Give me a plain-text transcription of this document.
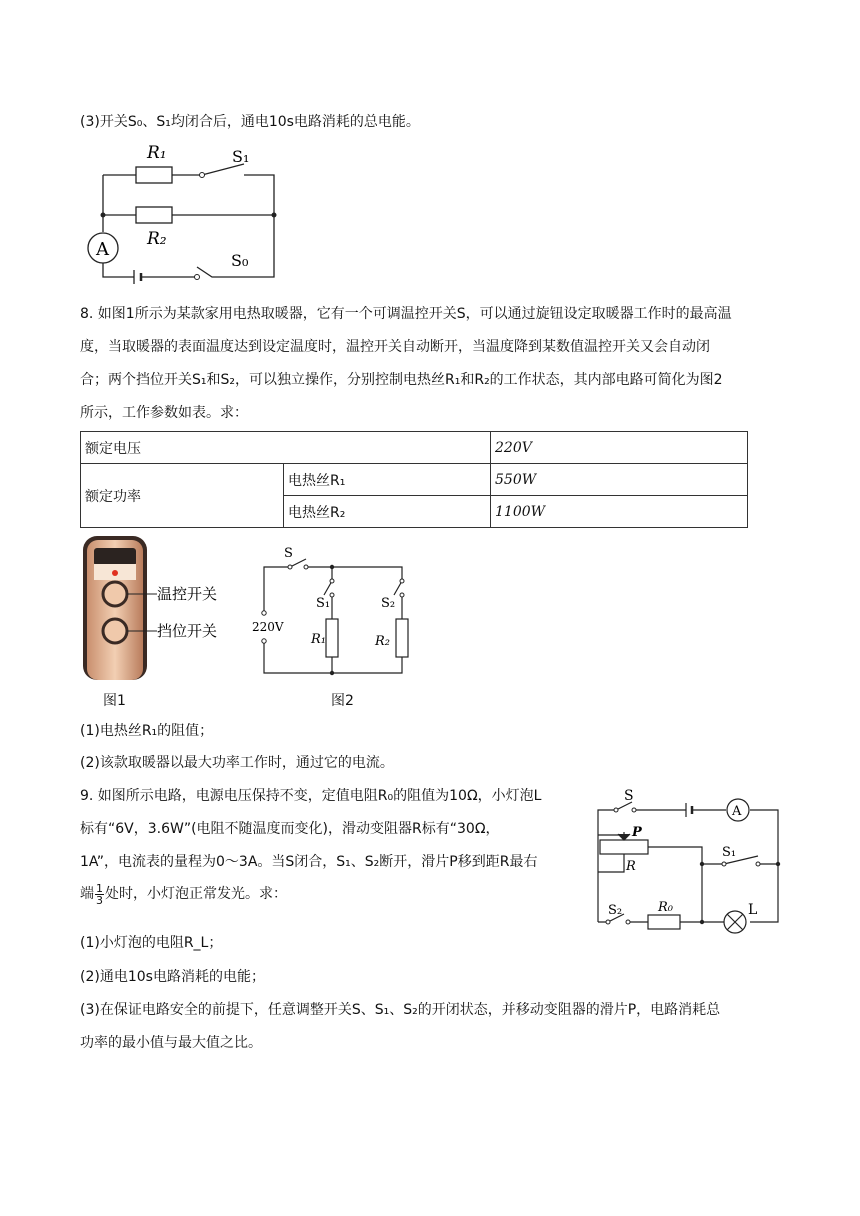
(3)开关S₀、S₁均闭合后，通电10s电路消耗的总电能。
R₁	S₁
R₂
A
S₀
8. 如图1所示为某款家用电热取暖器，它有一个可调温控开关S，可以通过旋钮设定取暖器工作时的最高温
度，当取暖器的表面温度达到设定温度时，温控开关自动断开，当温度降到某数值温控开关又会自动闭
合；两个挡位开关S₁和S₂，可以独立操作，分别控制电热丝R₁和R₂的工作状态，其内部电路可简化为图2
所示，工作参数如表。求：
额定电压		220V
额定功率	电热丝R₁	550W
	电热丝R₂	1100W
温控开关
挡位开关
图1
S
S₁	S₂
220V
R₁	R₂
图2
(1)电热丝R₁的阻值；
(2)该款取暖器以最大功率工作时，通过它的电流。
9. 如图所示电路，电源电压保持不变，定值电阻R₀的阻值为10Ω，小灯泡L
标有“6V，3.6W”(电阻不随温度而变化)，滑动变阻器R标有“30Ω，
1A”，电流表的量程为0～3A。当S闭合，S₁、S₂断开，滑片P移到距R最右
端 $\frac{1}{3}$ 处时，小灯泡正常发光。求：
(1)小灯泡的电阻R_L；
(2)通电10s电路消耗的电能；
(3)在保证电路安全的前提下，任意调整开关S、S₁、S₂的开闭状态，并移动变阻器的滑片P，电路消耗总
功率的最小值与最大值之比。
S
A
P
R
S₁
S₂	R₀	L
